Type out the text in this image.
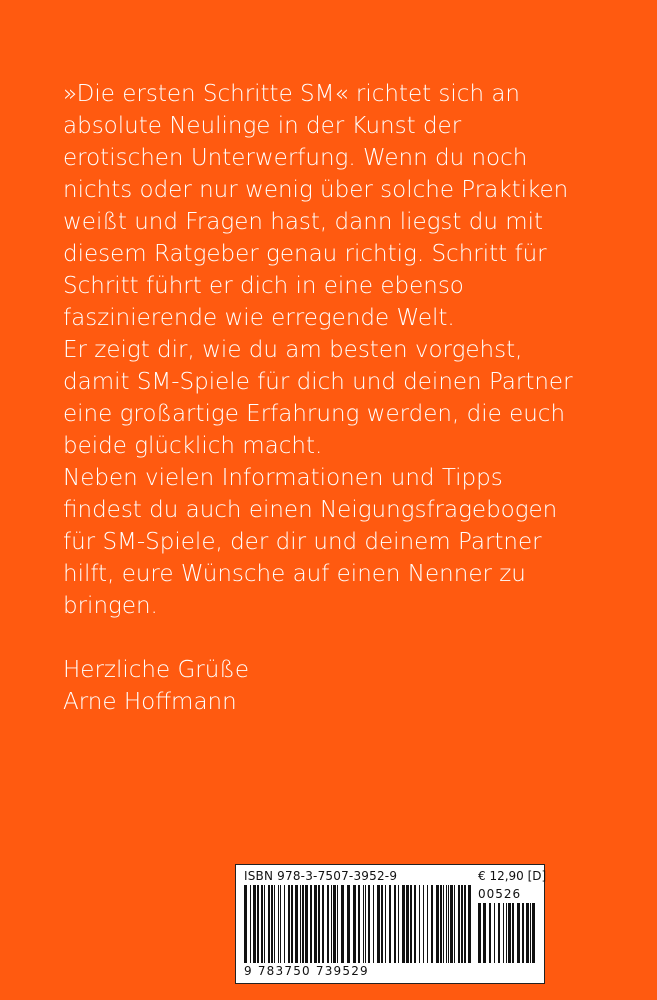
»Die ersten Schritte SM« richtet sich an
absolute Neulinge in der Kunst der
erotischen Unterwerfung. Wenn du noch
nichts oder nur wenig über solche Praktiken
weißt und Fragen hast, dann liegst du mit
diesem Ratgeber genau richtig. Schritt für
Schritt führt er dich in eine ebenso
faszinierende wie erregende Welt.
Er zeigt dir, wie du am besten vorgehst,
damit SM-Spiele für dich und deinen Partner
eine großartige Erfahrung werden, die euch
beide glücklich macht.
Neben vielen Informationen und Tipps
findest du auch einen Neigungsfragebogen
für SM-Spiele, der dir und deinem Partner
hilft, eure Wünsche auf einen Nenner zu
bringen.
Herzliche Grüße
Arne Hoffmann
ISBN 978-3-7507-3952-9	€ 12,90 [D]
00526
9 783750 739529
